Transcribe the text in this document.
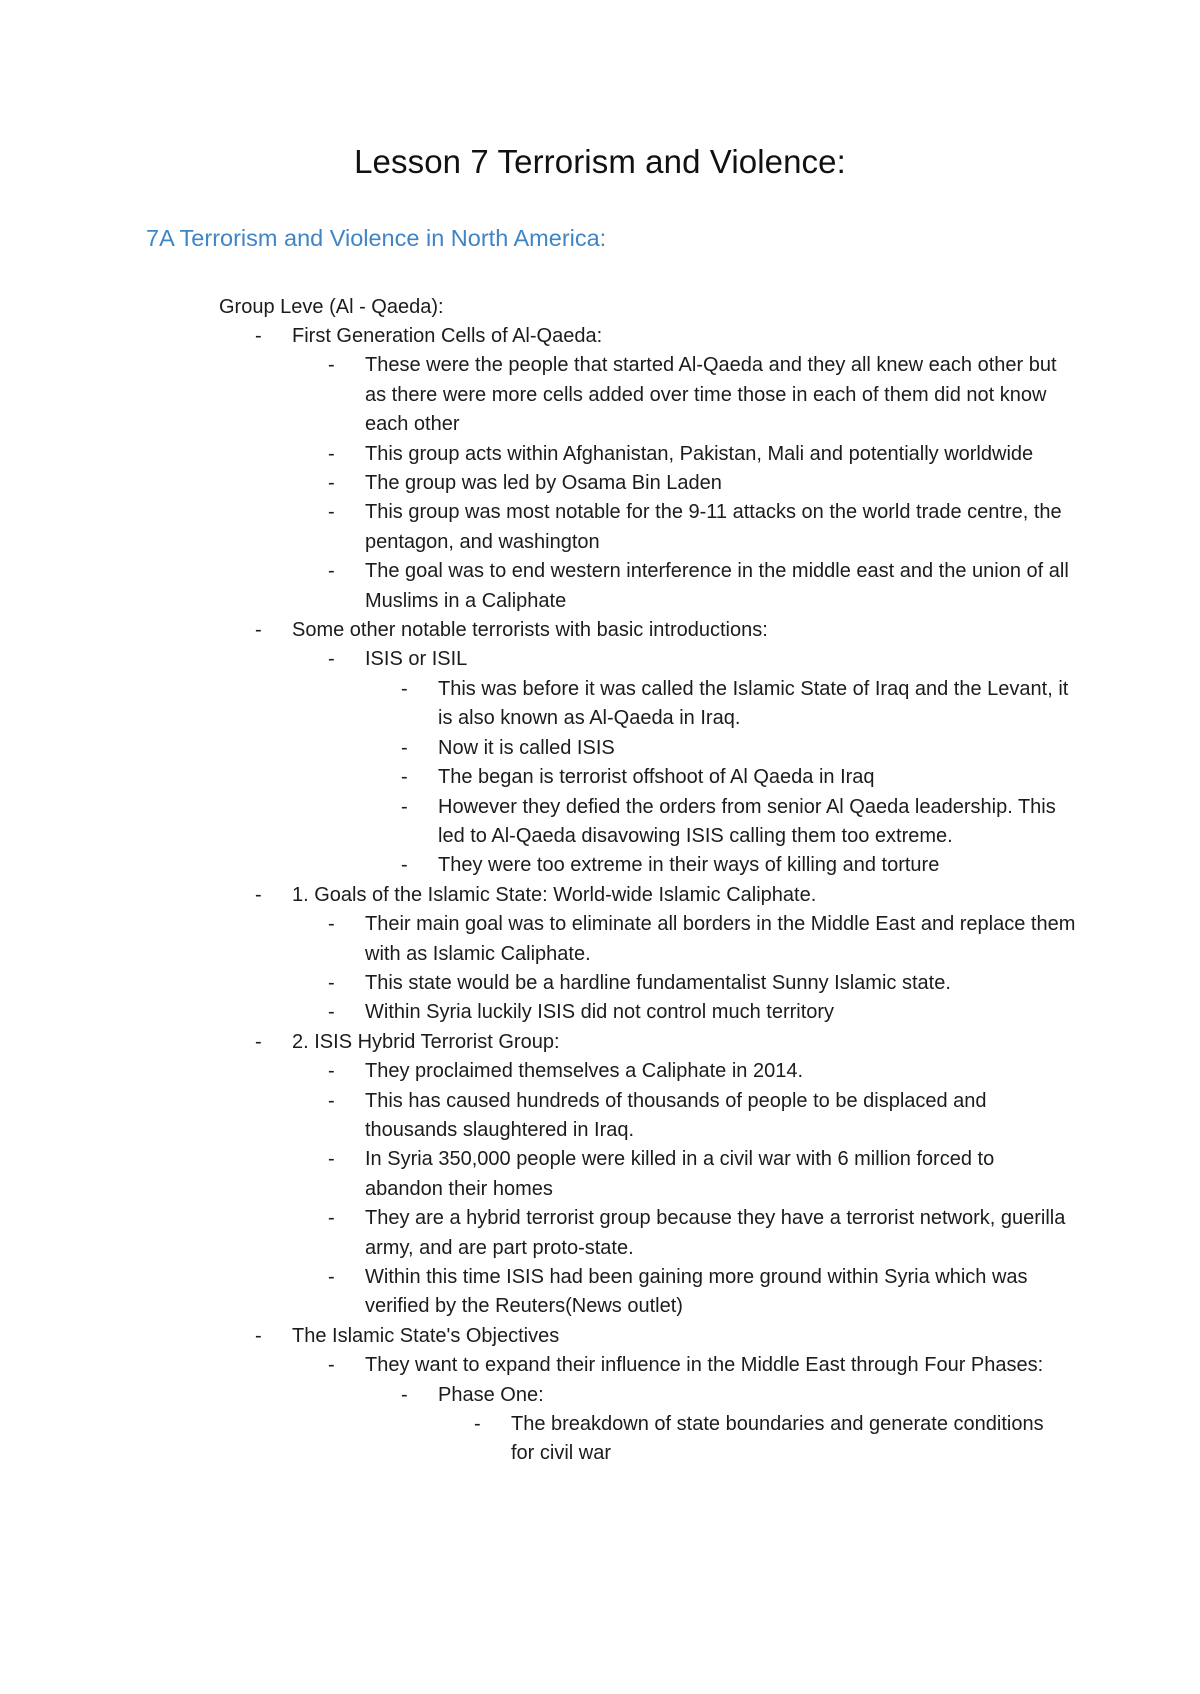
Lesson 7 Terrorism and Violence:
7A Terrorism and Violence in North America:
Group Leve (Al - Qaeda):
- First Generation Cells of Al-Qaeda:
- These were the people that started Al-Qaeda and they all knew each other but as there were more cells added over time those in each of them did not know each other
- This group acts within Afghanistan, Pakistan, Mali and potentially worldwide
- The group was led by Osama Bin Laden
- This group was most notable for the 9-11 attacks on the world trade centre, the pentagon, and washington
- The goal was to end western interference in the middle east and the union of all Muslims in a Caliphate
- Some other notable terrorists with basic introductions:
- ISIS or ISIL
- This was before it was called the Islamic State of Iraq and the Levant, it is also known as Al-Qaeda in Iraq.
- Now it is called ISIS
- The began is terrorist offshoot of Al Qaeda in Iraq
- However they defied the orders from senior Al Qaeda leadership. This led to Al-Qaeda disavowing ISIS calling them too extreme.
- They were too extreme in their ways of killing and torture
- 1. Goals of the Islamic State: World-wide Islamic Caliphate.
- Their main goal was to eliminate all borders in the Middle East and replace them with as Islamic Caliphate.
- This state would be a hardline fundamentalist Sunny Islamic state.
- Within Syria luckily ISIS did not control much territory
- 2. ISIS Hybrid Terrorist Group:
- They proclaimed themselves a Caliphate in 2014.
- This has caused hundreds of thousands of people to be displaced and thousands slaughtered in Iraq.
- In Syria 350,000 people were killed in a civil war with 6 million forced to abandon their homes
- They are a hybrid terrorist group because they have a terrorist network, guerilla army, and are part proto-state.
- Within this time ISIS had been gaining more ground within Syria which was verified by the Reuters(News outlet)
- The Islamic State's Objectives
- They want to expand their influence in the Middle East through Four Phases:
- Phase One:
- The breakdown of state boundaries and generate conditions for civil war
